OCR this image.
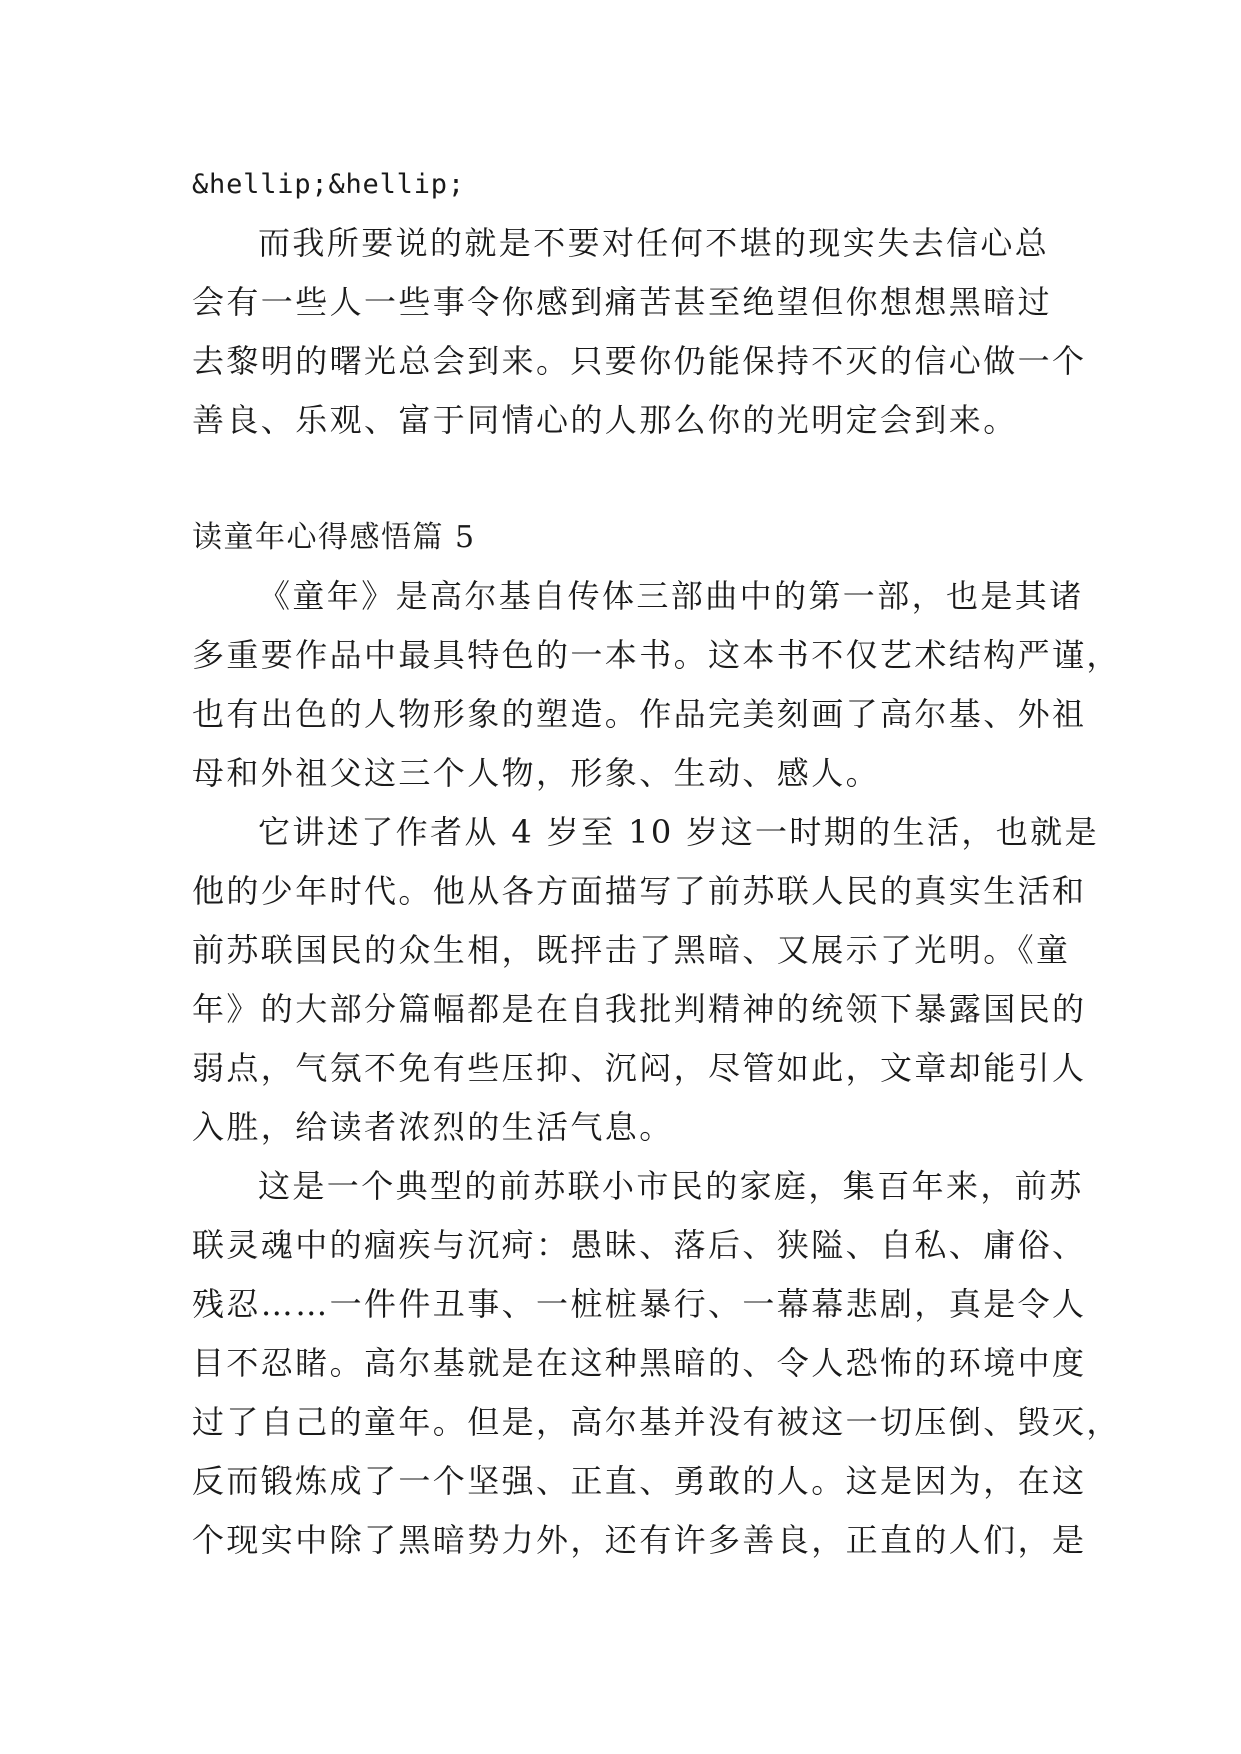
&hellip;&hellip;
而我所要说的就是不要对任何不堪的现实失去信心总
会有一些人一些事令你感到痛苦甚至绝望但你想想黑暗过
去黎明的曙光总会到来。只要你仍能保持不灭的信心做一个
善良、乐观、富于同情心的人那么你的光明定会到来。
读童年心得感悟篇 5
《童年》是高尔基自传体三部曲中的第一部，也是其诸
多重要作品中最具特色的一本书。这本书不仅艺术结构严谨，
也有出色的人物形象的塑造。作品完美刻画了高尔基、外祖
母和外祖父这三个人物，形象、生动、感人。
它讲述了作者从 4 岁至 10 岁这一时期的生活，也就是
他的少年时代。他从各方面描写了前苏联人民的真实生活和
前苏联国民的众生相，既抨击了黑暗、又展示了光明。《童
年》的大部分篇幅都是在自我批判精神的统领下暴露国民的
弱点，气氛不免有些压抑、沉闷，尽管如此，文章却能引人
入胜，给读者浓烈的生活气息。
这是一个典型的前苏联小市民的家庭，集百年来，前苏
联灵魂中的痼疾与沉疴：愚昧、落后、狭隘、自私、庸俗、
残忍……一件件丑事、一桩桩暴行、一幕幕悲剧，真是令人
目不忍睹。高尔基就是在这种黑暗的、令人恐怖的环境中度
过了自己的童年。但是，高尔基并没有被这一切压倒、毁灭，
反而锻炼成了一个坚强、正直、勇敢的人。这是因为，在这
个现实中除了黑暗势力外，还有许多善良，正直的人们，是
